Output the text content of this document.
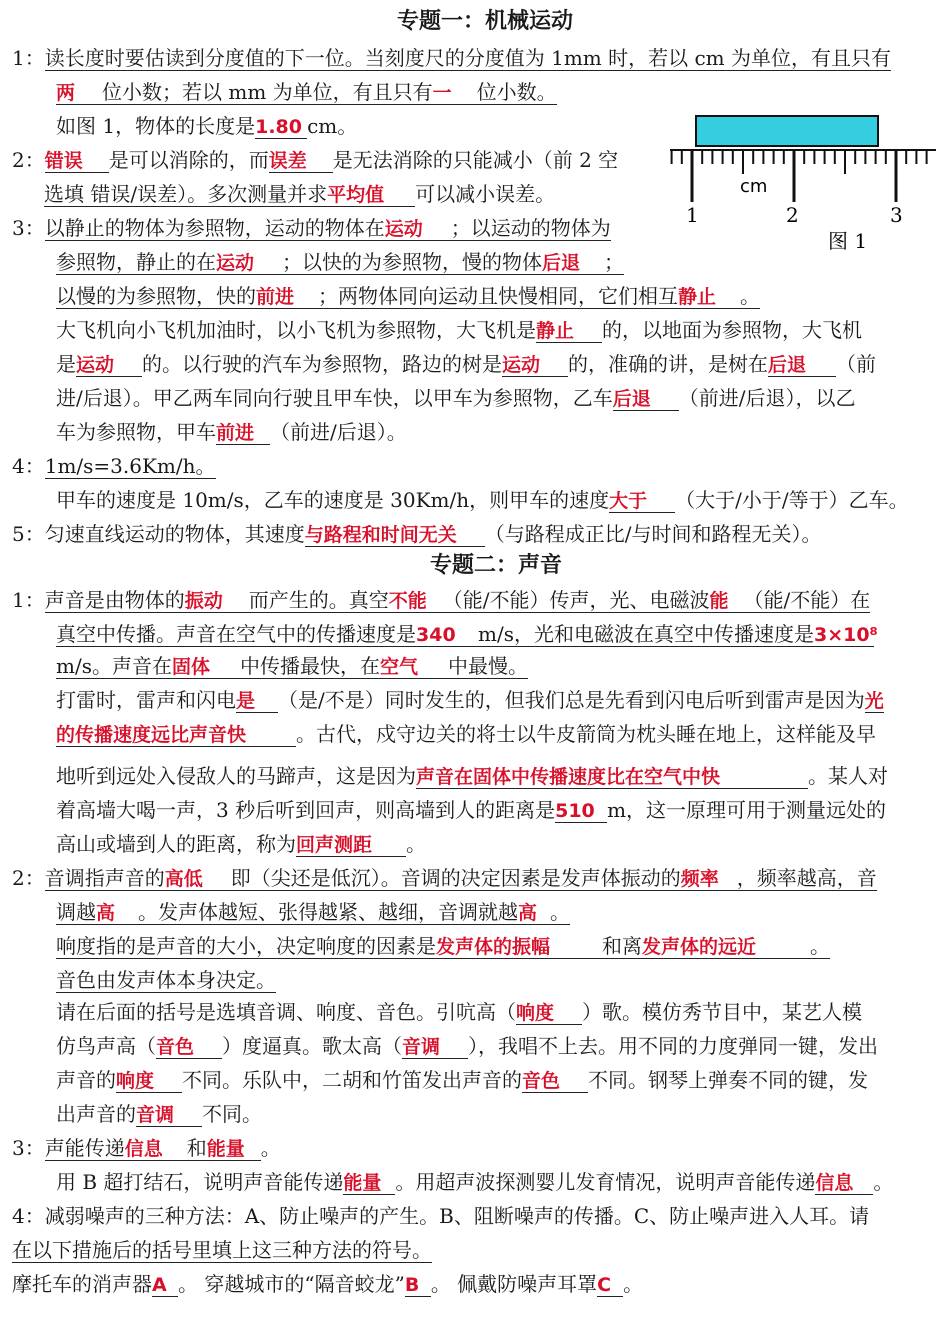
专题一：机械运动
1：读长度时要估读到分度值的下一位。当刻度尺的分度值为 1mm 时，若以 cm 为单位，有且只有
两 位小数；若以 mm 为单位，有且只有一 位小数。
如图 1，物体的长度是1.80 cm。
2：错误 是可以消除的，而误差 是无法消除的只能减小（前 2 空
选填 错误/误差）。多次测量并求平均值 可以减小误差。
3：以静止的物体为参照物，运动的物体在运动 ；以运动的物体为
参照物，静止的在运动 ；以快的为参照物，慢的物体后退 ；
以慢的为参照物，快的前进 ；两物体同向运动且快慢相同，它们相互静止 。
大飞机向小飞机加油时，以小飞机为参照物，大飞机是静止 的，以地面为参照物，大飞机
是运动 的。以行驶的汽车为参照物，路边的树是运动 的，准确的讲，是树在后退 （前
进/后退）。甲乙两车同向行驶且甲车快，以甲车为参照物，乙车后退 （前进/后退），以乙
车为参照物，甲车前进 （前进/后退）。
4：1m/s=3.6Km/h。
甲车的速度是 10m/s，乙车的速度是 30Km/h，则甲车的速度大于 （大于/小于/等于）乙车。
5：匀速直线运动的物体，其速度与路程和时间无关 （与路程成正比/与时间和路程无关）。
cm
1	2	3
图 1
专题二：声音
1：声音是由物体的振动 而产生的。真空不能 （能/不能）传声，光、电磁波能 （能/不能）在
真空中传播。声音在空气中的传播速度是340 m/s，光和电磁波在真空中传播速度是3×10⁸
m/s。声音在固体 中传播最快，在空气 中最慢。
打雷时，雷声和闪电是 （是/不是）同时发生的，但我们总是先看到闪电后听到雷声是因为光
的传播速度远比声音快 。古代，戍守边关的将士以牛皮箭筒为枕头睡在地上，这样能及早
地听到远处入侵敌人的马蹄声，这是因为声音在固体中传播速度比在空气中快	。某人对
着高墙大喝一声，3 秒后听到回声，则高墙到人的距离是510 m，这一原理可用于测量远处的
高山或墙到人的距离，称为回声测距 。
2：音调指声音的高低 即（尖还是低沉）。音调的决定因素是发声体振动的频率 ，频率越高，音
调越高 。发声体越短、张得越紧、越细，音调就越高 。
响度指的是声音的大小，决定响度的因素是发声体的振幅	和离发声体的远近	。
音色由发声体本身决定。
请在后面的括号是选填音调、响度、音色。引吭高（响度 ）歌。模仿秀节目中，某艺人模
仿鸟声高（音色 ）度逼真。歌太高（音调 ），我唱不上去。用不同的力度弹同一键，发出
声音的响度 不同。乐队中，二胡和竹笛发出声音的音色 不同。钢琴上弹奏不同的键，发
出声音的音调 不同。
3：声能传递信息 和能量 。
用 B 超打结石，说明声音能传递能量 。用超声波探测婴儿发育情况，说明声音能传递信息 。
4：减弱噪声的三种方法：A、防止噪声的产生。B、阻断噪声的传播。C、防止噪声进入人耳。请
在以下措施后的括号里填上这三种方法的符号。
摩托车的消声器A 。 穿越城市的“隔音蛟龙”B 。 佩戴防噪声耳罩C 。
